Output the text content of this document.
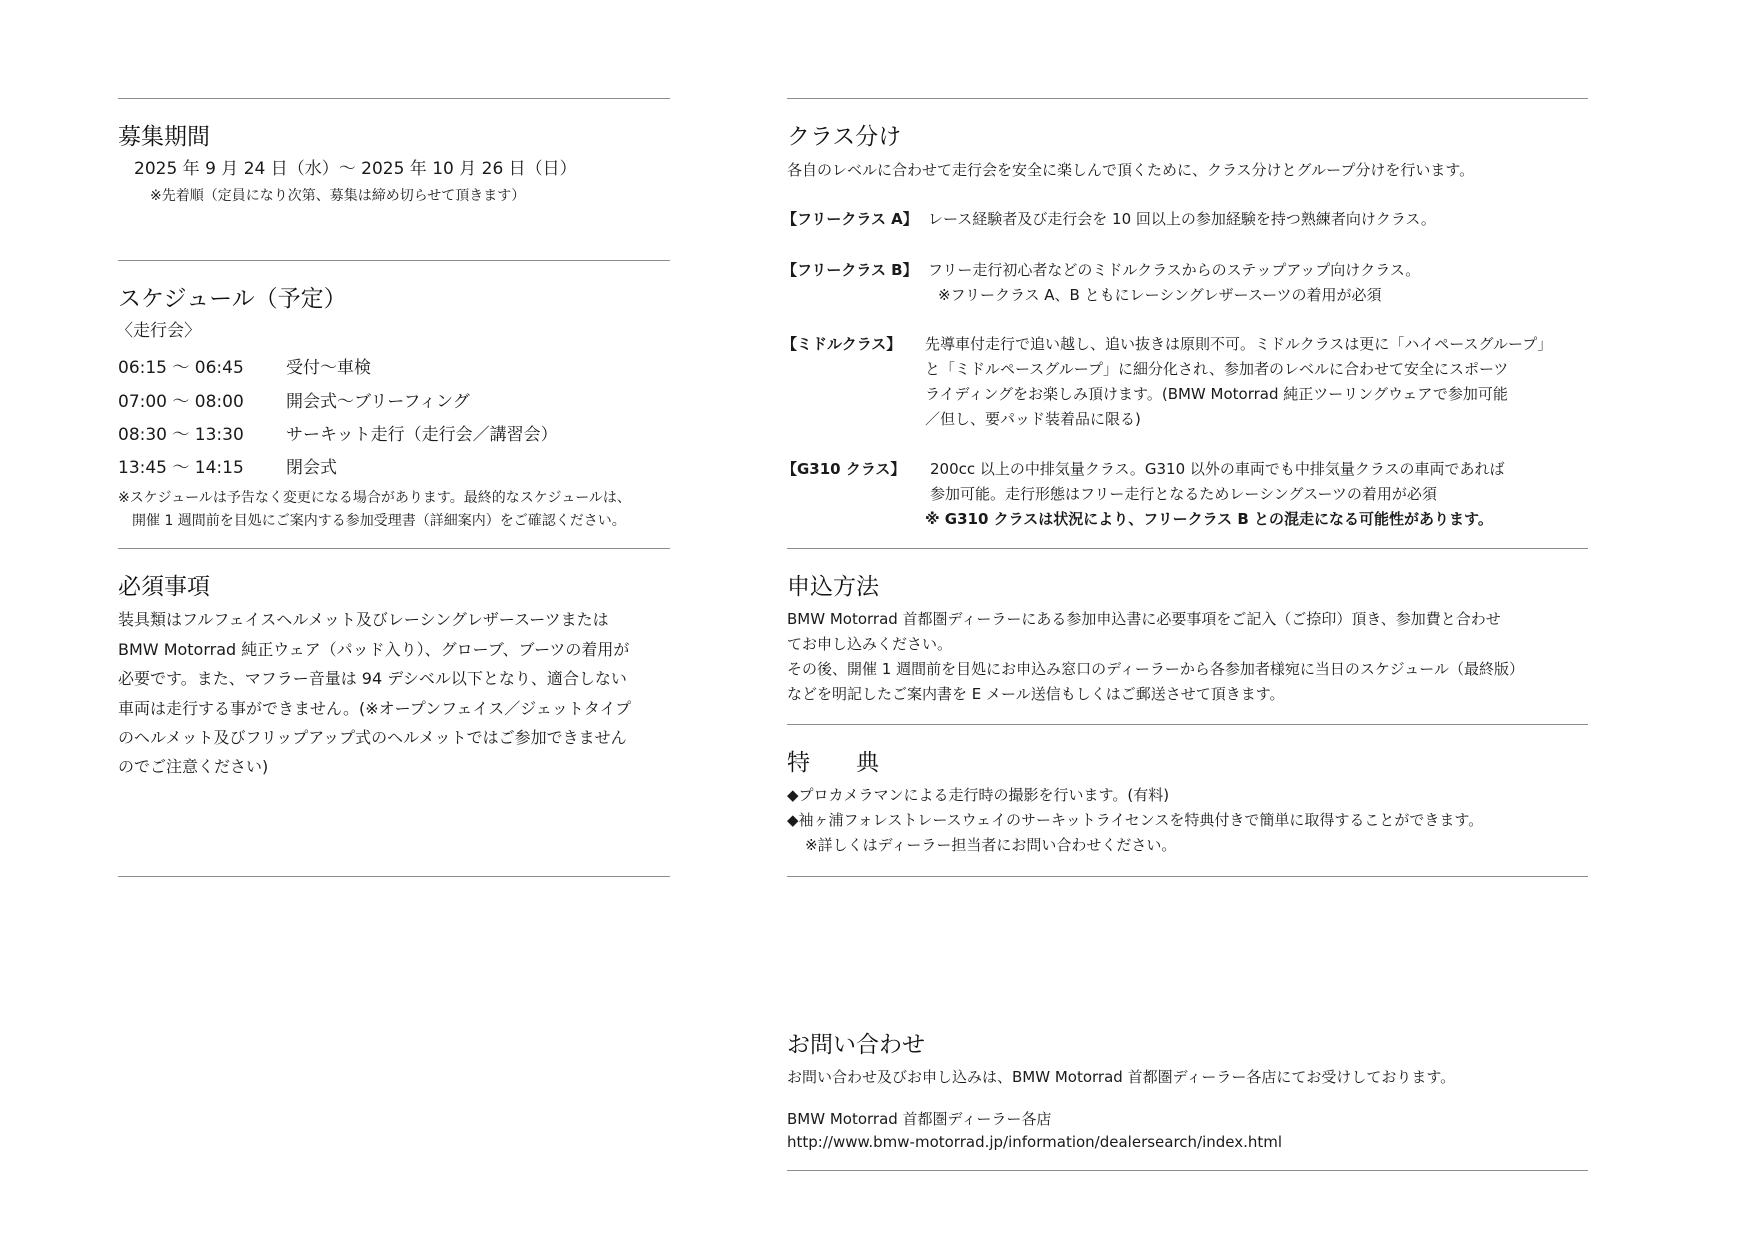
募集期間
2025 年 9 月 24 日（水）～ 2025 年 10 月 26 日（日）
※先着順（定員になり次第、募集は締め切らせて頂きます）
スケジュール（予定）
〈走行会〉
06:15 ～ 06:45 受付～車検
07:00 ～ 08:00 開会式～ブリーフィング
08:30 ～ 13:30 サーキット走行（走行会／講習会）
13:45 ～ 14:15 閉会式
※スケジュールは予告なく変更になる場合があります。最終的なスケジュールは、
開催 1 週間前を目処にご案内する参加受理書（詳細案内）をご確認ください。
必須事項
装具類はフルフェイスヘルメット及びレーシングレザースーツまたは
BMW Motorrad 純正ウェア（パッド入り）、グローブ、ブーツの着用が
必要です。また、マフラー音量は 94 デシベル以下となり、適合しない
車両は走行する事ができません。(※オープンフェイス／ジェットタイプ
のヘルメット及びフリップアップ式のヘルメットではご参加できません
のでご注意ください)
クラス分け
各自のレベルに合わせて走行会を安全に楽しんで頂くために、クラス分けとグループ分けを行います。
【フリークラス A】 レース経験者及び走行会を 10 回以上の参加経験を持つ熟練者向けクラス。
【フリークラス B】 フリー走行初心者などのミドルクラスからのステップアップ向けクラス。
※フリークラス A、B ともにレーシングレザースーツの着用が必須
【ミドルクラス】 先導車付走行で追い越し、追い抜きは原則不可。ミドルクラスは更に「ハイペースグループ」
と「ミドルペースグループ」に細分化され、参加者のレベルに合わせて安全にスポーツ
ライディングをお楽しみ頂けます。(BMW Motorrad 純正ツーリングウェアで参加可能
／但し、要パッド装着品に限る)
【G310 クラス】 200cc 以上の中排気量クラス。G310 以外の車両でも中排気量クラスの車両であれば
参加可能。走行形態はフリー走行となるためレーシングスーツの着用が必須
※ G310 クラスは状況により、フリークラス B との混走になる可能性があります。
申込方法
BMW Motorrad 首都圏ディーラーにある参加申込書に必要事項をご記入（ご捺印）頂き、参加費と合わせ
てお申し込みください。
その後、開催 1 週間前を目処にお申込み窓口のディーラーから各参加者様宛に当日のスケジュール（最終版）
などを明記したご案内書を E メール送信もしくはご郵送させて頂きます。
特　　典
◆プロカメラマンによる走行時の撮影を行います。(有料)
◆袖ヶ浦フォレストレースウェイのサーキットライセンスを特典付きで簡単に取得することができます。
※詳しくはディーラー担当者にお問い合わせください。
お問い合わせ
お問い合わせ及びお申し込みは、BMW Motorrad 首都圏ディーラー各店にてお受けしております。
BMW Motorrad 首都圏ディーラー各店
http://www.bmw-motorrad.jp/information/dealersearch/index.html
